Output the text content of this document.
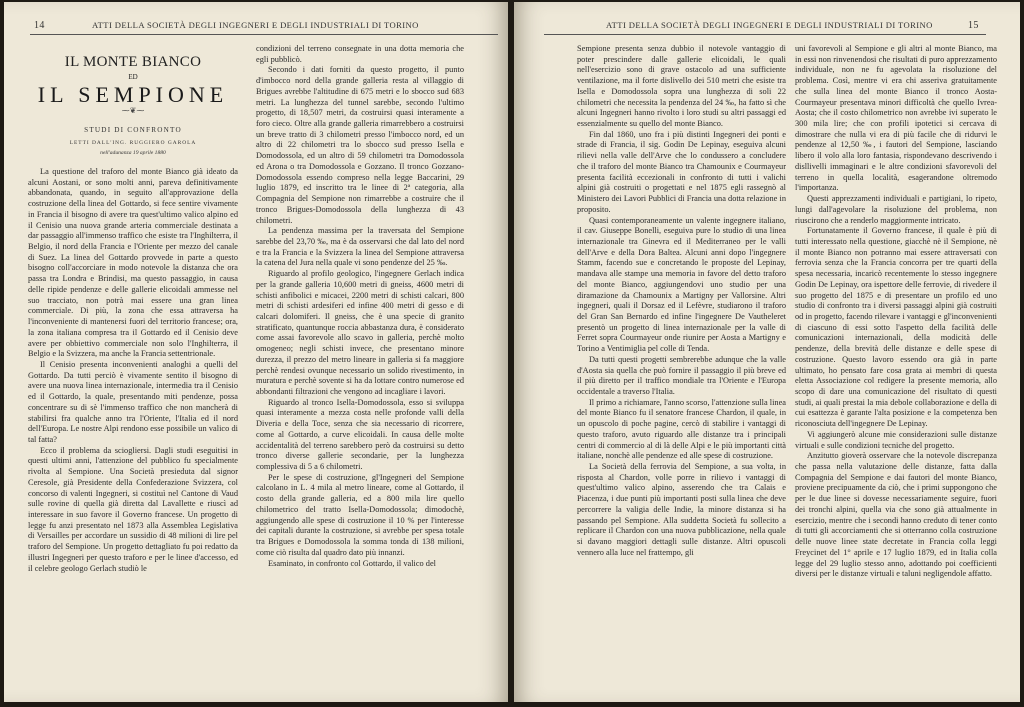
14	ATTI DELLA SOCIETÀ DEGLI INGEGNERI E DEGLI INDUSTRIALI DI TORINO
IL MONTE BIANCO
ED
IL SEMPIONE
⁓❦⁓
STUDI DI CONFRONTO
LETTI DALL'ING. RUGGIERO GAROLA
nell'adunanza 19 aprile 1880

La questione del traforo del monte Bianco già ideato da alcuni Aostani, or sono molti anni, pareva definitivamente abbandonata, quando, in seguito all'approvazione della costruzione della linea del Gottardo, si fece sentire vivamente in Francia il bisogno di avere tra quest'ultimo valico alpino ed il Cenisio una nuova grande arteria commerciale destinata a dar passaggio all'immenso traffico che esiste tra l'Inghilterra, il Belgio, il nord della Francia e l'Oriente per mezzo del canale di Suez. La linea del Gottardo provvede in parte a questo bisogno coll'accorciare in modo notevole la distanza che ora passa tra Londra e Brindisi, ma questo passaggio, in causa delle ripide pendenze e delle gallerie elicoidali ammesse nel suo tracciato, non potrà mai essere una gran linea commerciale. Di più, la zona che essa attraversa ha l'inconveniente di mantenersi fuori del territorio francese; ora, la zona italiana compresa tra il Gottardo ed il Cenisio deve avere per obbiettivo commerciale non solo l'Inghilterra, il Belgio e la Svizzera, ma anche la Francia settentrionale.

Il Cenisio presenta inconvenienti analoghi a quelli del Gottardo. Da tutti perciò è vivamente sentito il bisogno di avere una nuova linea internazionale, intermedia tra il Cenisio ed il Gottardo, la quale, presentando miti pendenze, possa concentrare su di sè l'immenso traffico che non mancherà di stabilirsi fra qualche anno tra l'Oriente, l'Italia ed il nord dell'Europa. Le nostre Alpi rendono esse possibile un valico di tal fatta?

Ecco il problema da sciogliersi. Dagli studi eseguitisi in questi ultimi anni, l'attenzione del pubblico fu specialmente rivolta al Sempione. Una Società presieduta dal signor Ceresole, già Presidente della Confederazione Svizzera, col concorso di valenti Ingegneri, si costituì nel Cantone di Vaud sulle rovine di quella già diretta dal Lavallette e riuscì ad interessare in suo favore il Governo francese. Un progetto di legge fu anzi presentato nel 1873 alla Assemblea Legislativa di Versailles per accordare un sussidio di 48 milioni di lire pel traforo del Sempione. Un progetto dettagliato fu poi redatto da illustri Ingegneri per questo traforo e per le linee d'accesso, ed il celebre geologo Gerlach studiò le

condizioni del terreno consegnate in una dotta memoria che egli pubblicò.

Secondo i dati forniti da questo progetto, il punto d'imbocco nord della grande galleria resta al villaggio di Brigues avrebbe l'altitudine di 675 metri e lo sbocco sud 683 metri. La lunghezza del tunnel sarebbe, secondo l'ultimo progetto, di 18,507 metri, da costruirsi quasi interamente a foro cieco. Oltre alla grande galleria rimarrebbero a costruirsi un breve tratto di 3 chilometri presso l'imbocco nord, ed un altro di 22 chilometri tra lo sbocco sud presso Isella e Domodossola, ed un altro di 59 chilometri tra Domodossola ed Arona o tra Domodossola e Gozzano. Il tronco Gozzano-Domodossola essendo compreso nella legge Baccarini, 29 luglio 1879, ed inscritto tra le linee di 2ª categoria, alla Compagnia del Sempione non rimarrebbe a costruire che il tronco Brigues-Domodossola della lunghezza di 43 chilometri.

La pendenza massima per la traversata del Sempione sarebbe del 23,70 ‰, ma è da osservarsi che dal lato del nord e tra la Francia e la Svizzera la linea del Sempione attraversa la catena del Jura nella quale vi sono pendenze del 25 ‰.

Riguardo al profilo geologico, l'ingegnere Gerlach indica per la grande galleria 10,600 metri di gneiss, 4600 metri di schisti anfibolici e micacei, 2200 metri di schisti calcari, 800 metri di schisti ardesiferi ed infine 400 metri di gesso e di calcari dolomiferi. Il gneiss, che è una specie di granito stratificato, quantunque roccia abbastanza dura, è considerato come assai favorevole allo scavo in galleria, perchè molto omogeneo; negli schisti invece, che presentano minore durezza, il prezzo del metro lineare in galleria si fa maggiore perchè rendesi ovunque necessario un solido rivestimento, in muratura e perchè sovente si ha da lottare contro numerose ed abbondanti filtrazioni che vengono ad incagliare i lavori.

Riguardo al tronco Isella-Domodossola, esso si sviluppa quasi interamente a mezza costa nelle profonde valli della Diveria e della Toce, senza che sia necessario di ricorrere, come al Gottardo, a curve elicoidali. In causa delle molte accidentalità del terreno sarebbero però da costruirsi su detto tronco diverse gallerie secondarie, per la lunghezza complessiva di 5 a 6 chilometri.

Per le spese di costruzione, gl'Ingegneri del Sempione calcolano in L. 4 mila al metro lineare, come al Gottardo, il costo della grande galleria, ed a 800 mila lire quello chilometrico del tratto Isella-Domodossola; dimodochè, aggiungendo alle spese di costruzione il 10 % per l'interesse dei capitali durante la costruzione, si avrebbe per spesa totale tra Brigues e Domodossola la somma tonda di 138 milioni, come ciò risulta dal quadro dato più innanzi.

Esaminato, in confronto col Gottardo, il valico del

ATTI DELLA SOCIETÀ DEGLI INGEGNERI E DEGLI INDUSTRIALI DI TORINO	15

Sempione presenta senza dubbio il notevole vantaggio di poter prescindere dalle gallerie elicoidali, le quali nell'esercizio sono di grave ostacolo ad una sufficiente ventilazione, ma il forte dislivello dei 510 metri che esiste tra Isella e Domodossola sopra una lunghezza di soli 22 chilometri che necessita la pendenza del 24 ‰, ha fatto sì che alcuni Ingegneri hanno rivolto i loro studi su altri passaggi ed essenzialmente su quello del monte Bianco.

Fin dal 1860, uno fra i più distinti Ingegneri dei ponti e strade di Francia, il sig. Godin De Lepinay, eseguiva alcuni rilievi nella valle dell'Arve che lo condussero a concludere che il traforo del monte Bianco tra Chamounix e Courmayeur presenta facilità eccezionali in confronto di tutti i valichi alpini già costruiti o progettati e nel 1875 egli rassegnò al Ministero dei Lavori Pubblici di Francia una dotta relazione in proposito.

Quasi contemporaneamente un valente ingegnere italiano, il cav. Giuseppe Bonelli, eseguiva pure lo studio di una linea internazionale tra Ginevra ed il Mediterraneo per le valli dell'Arve e della Dora Baltea. Alcuni anni dopo l'ingegnere Stamm, facendo sue e concretando le proposte del Lepinay, mandava alle stampe una memoria in favore del detto traforo del monte Bianco, aggiungendovi uno studio per una diramazione da Chamounix a Martigny per Vallorsine. Altri ingegneri, quali il Dorsaz ed il Lefèvre, studiarono il traforo del Gran San Bernardo ed infine l'ingegnere De Vautheleret presentò un progetto di linea internazionale per la valle di Ferret sopra Courmayeur onde riunire per Aosta a Martigny e Torino a Ventimiglia pel colle di Tenda.

Da tutti questi progetti sembrerebbe adunque che la valle d'Aosta sia quella che può fornire il passaggio il più breve ed il più diretto per il traffico mondiale tra l'Oriente e l'Europa occidentale a traverso l'Italia.

Il primo a richiamare, l'anno scorso, l'attenzione sulla linea del monte Bianco fu il senatore francese Chardon, il quale, in un opuscolo di poche pagine, cercò di stabilire i vantaggi di questo traforo, avuto riguardo alle distanze tra i principali centri di commercio al di là delle Alpi e le più importanti città italiane, nonchè alle pendenze ed alle spese di costruzione.

La Società della ferrovia del Sempione, a sua volta, in risposta al Chardon, volle porre in rilievo i vantaggi di quest'ultimo valico alpino, asserendo che tra Calais e Piacenza, i due punti più importanti posti sulla linea che deve percorrere la valigia delle Indie, la minore distanza si ha passando pel Sempione. Alla suddetta Società fu sollecito a replicare il Chardon con una nuova pubblicazione, nella quale si davano maggiori dettagli sulle distanze. Altri opuscoli vennero alla luce nel frattempo, gli

uni favorevoli al Sempione e gli altri al monte Bianco, ma in essi non rinvenendosi che risultati di puro apprezzamento individuale, non ne fu agevolata la risoluzione del problema. Così, mentre vi era chi asseriva gratuitamente che sulla linea del monte Bianco il tronco Aosta-Courmayeur presentava minori difficoltà che quello Ivrea-Aosta; che il costo chilometrico non avrebbe ivi superato le 300 mila lire; che con profili ipotetici si cercava di dimostrare che nulla vi era di più facile che di ridurvi le pendenze al 12,50 ‰, i fautori del Sempione, lasciando libero il volo alla loro fantasia, rispondevano descrivendo i disllivelli immaginari e le altre condizioni sfavorevoli del terreno in quella località, esagerandone oltremodo l'importanza.

Questi apprezzamenti individuali e partigiani, lo ripeto, lungi dall'agevolare la risoluzione del problema, non riuscirono che a renderlo maggiormente intricato.

Fortunatamente il Governo francese, il quale è più di tutti interessato nella questione, giacchè nè il Sempione, nè il monte Bianco non potranno mai essere attraversati con ferrovia senza che la Francia concorra per tre quarti della spesa necessaria, incaricò recentemente lo stesso ingegnere Godin De Lepinay, ora ispettore delle ferrovie, di rivedere il suo progetto del 1875 e di presentare un profilo ed uno studio di confronto tra i diversi passaggi alpini già costruiti od in progetto, facendo rilevare i vantaggi e gl'inconvenienti di ciascuno di essi sotto l'aspetto della facilità delle comunicazioni internazionali, della modicità delle pendenze, della brevità delle distanze e delle spese di costruzione. Questo lavoro essendo ora già in parte ultimato, ho pensato fare cosa grata ai membri di questa eletta Associazione col redigere la presente memoria, allo scopo di dare una comunicazione del risultato di questi studi, ai quali prestai la mia debole collaborazione e della di cui esattezza è garante l'alta posizione e la competenza ben riconosciuta dell'ingegnere De Lepinay.

Vi aggiungerò alcune mie considerazioni sulle distanze virtuali e sulle condizioni tecniche del progetto.

Anzitutto gioverà osservare che la notevole discrepanza che passa nella valutazione delle distanze, fatta dalla Compagnia del Sempione e dai fautori del monte Bianco, proviene precipuamente da ciò, che i primi suppongono che per le due linee si dovesse necessariamente seguire, fuori dei tronchi alpini, quella via che sono già attualmente in esercizio, mentre che i secondi hanno creduto di tener conto di tutti gli accorciamenti che si otterranno colla costruzione delle nuove linee state decretate in Francia colla leggi Freycinet del 1° aprile e 17 luglio 1879, ed in Italia colla legge del 29 luglio stesso anno, adottando poi coefficienti diversi per le distanze virtuali e taluni negligendole affatto.
